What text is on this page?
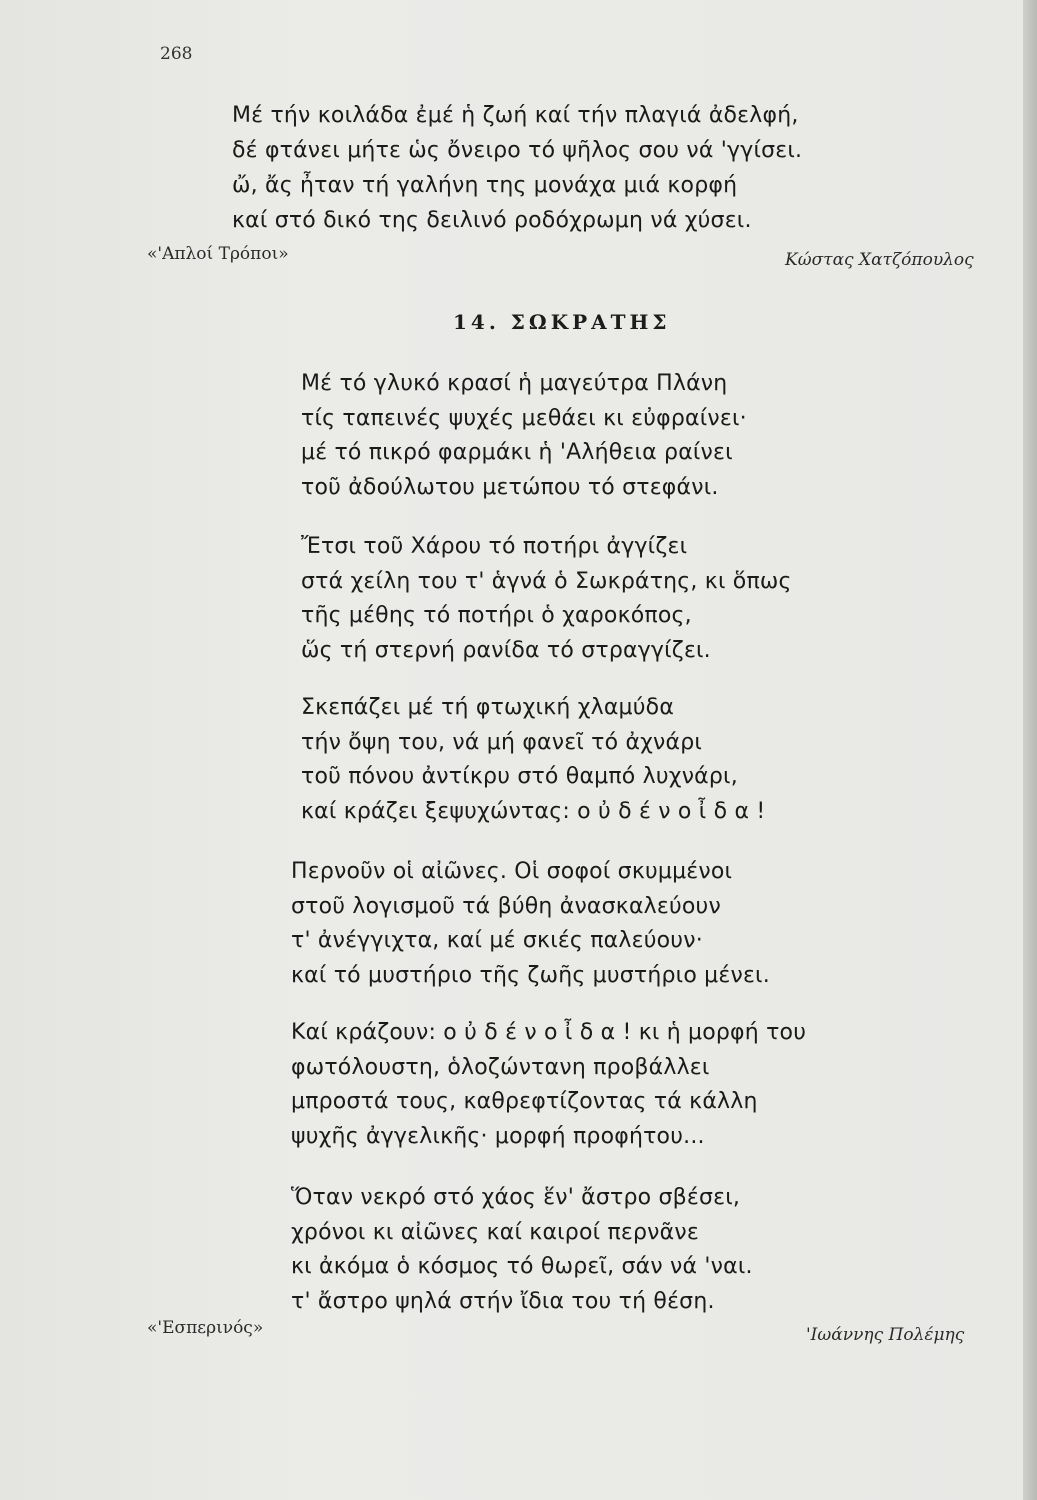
268
Μέ τήν κοιλάδα ἐμέ ἡ ζωή καί τήν πλαγιά ἀδελφή,
δέ φτάνει μήτε ὡς ὄνειρο τό ψῆλος σου νά 'γγίσει.
ὤ, ἄς ἦταν τή γαλήνη της μονάχα μιά κορφή
καί στό δικό της δειλινό ροδόχρωμη νά χύσει.
«'Απλοί Τρόποι»	Κώστας Χατζόπουλος
14. ΣΩΚΡΑΤΗΣ
Μέ τό γλυκό κρασί ἡ μαγεύτρα Πλάνη
τίς ταπεινές ψυχές μεθάει κι εὐφραίνει·
μέ τό πικρό φαρμάκι ἡ 'Αλήθεια ραίνει
τοῦ ἀδούλωτου μετώπου τό στεφάνι.
Ἔτσι τοῦ Χάρου τό ποτήρι ἀγγίζει
στά χείλη του τ' ἁγνά ὁ Σωκράτης, κι ὅπως
τῆς μέθης τό ποτήρι ὁ χαροκόπος,
ὥς τή στερνή ρανίδα τό στραγγίζει.
Σκεπάζει μέ τή φτωχική χλαμύδα
τήν ὄψη του, νά μή φανεῖ τό ἀχνάρι
τοῦ πόνου ἀντίκρυ στό θαμπό λυχνάρι,
καί κράζει ξεψυχώντας: ο ὐ δ έ ν ο ἶ δ α !
Περνοῦν οἱ αἰῶνες. Οἱ σοφοί σκυμμένοι
στοῦ λογισμοῦ τά βύθη ἀνασκαλεύουν
τ' ἀνέγγιχτα, καί μέ σκιές παλεύουν·
καί τό μυστήριο τῆς ζωῆς μυστήριο μένει.
Καί κράζουν: ο ὐ δ έ ν ο ἶ δ α ! κι ἡ μορφή του
φωτόλουστη, ὁλοζώντανη προβάλλει
μπροστά τους, καθρεφτίζοντας τά κάλλη
ψυχῆς ἀγγελικῆς· μορφή προφήτου...
Ὅταν νεκρό στό χάος ἕν' ἄστρο σβέσει,
χρόνοι κι αἰῶνες καί καιροί περνᾶνε
κι ἀκόμα ὁ κόσμος τό θωρεῖ, σάν νά 'ναι.
τ' ἄστρο ψηλά στήν ἴδια του τή θέση.
«'Εσπερινός»	'Ιωάννης Πολέμης
